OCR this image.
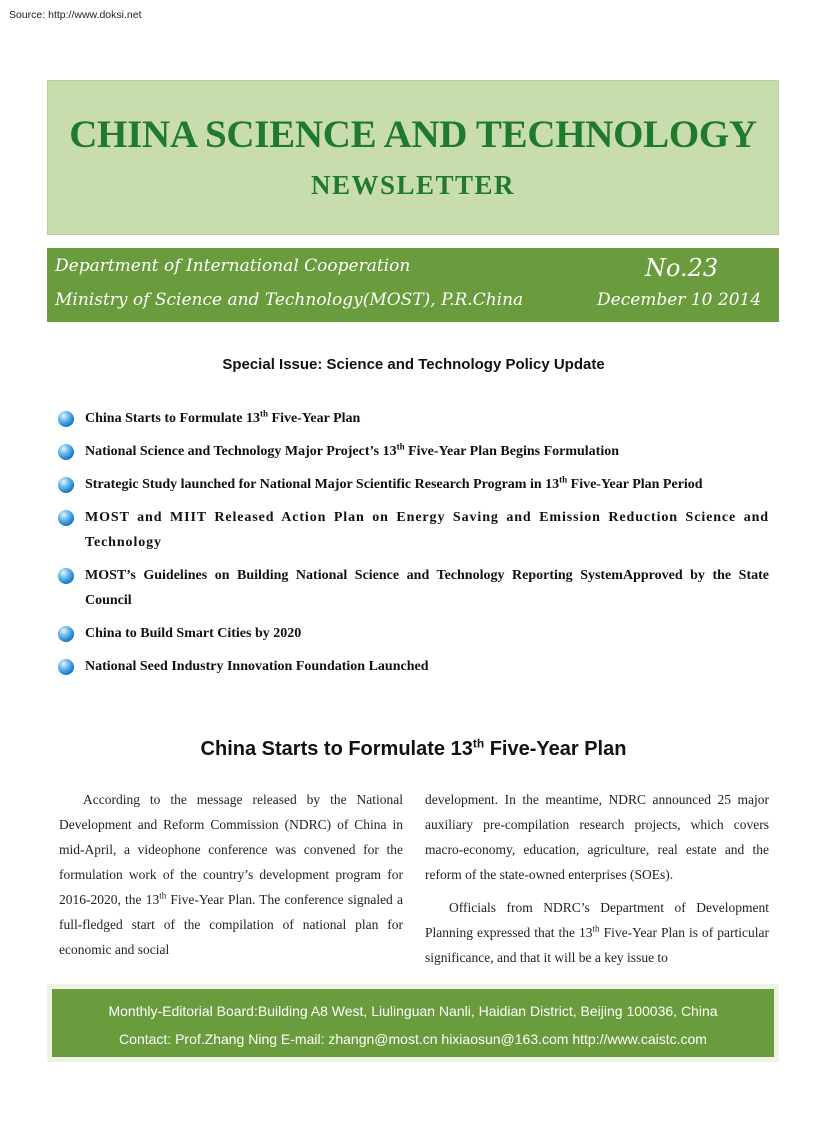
Source: http://www.doksi.net
CHINA SCIENCE AND TECHNOLOGY
NEWSLETTER
Department of International Cooperation
Ministry of Science and Technology(MOST), P.R.China
No.23
December 10 2014
Special Issue: Science and Technology Policy Update
China Starts to Formulate 13th Five-Year Plan
National Science and Technology Major Project’s 13th Five-Year Plan Begins Formulation
Strategic Study launched for National Major Scientific Research Program in 13th Five-Year Plan Period
MOST and MIIT Released Action Plan on Energy Saving and Emission Reduction Science and Technology
MOST’s Guidelines on Building National Science and Technology Reporting SystemApproved by the State Council
China to Build Smart Cities by 2020
National Seed Industry Innovation Foundation Launched
China Starts to Formulate 13th Five-Year Plan

According to the message released by the National Development and Reform Commission (NDRC) of China in mid-April, a videophone conference was convened for the formulation work of the country’s development program for 2016-2020, the 13th Five-Year Plan. The conference signaled a full-fledged start of the compilation of national plan for economic and social

development. In the meantime, NDRC announced 25 major auxiliary pre-compilation research projects, which covers macro-economy, education, agriculture, real estate and the reform of the state-owned enterprises (SOEs).

Officials from NDRC’s Department of Development Planning expressed that the 13th Five-Year Plan is of particular significance, and that it will be a key issue to

Monthly-Editorial Board:Building A8 West, Liulinguan Nanli, Haidian District, Beijing 100036, China
Contact: Prof.Zhang Ning E-mail: zhangn@most.cn hixiaosun@163.com http://www.caistc.com
